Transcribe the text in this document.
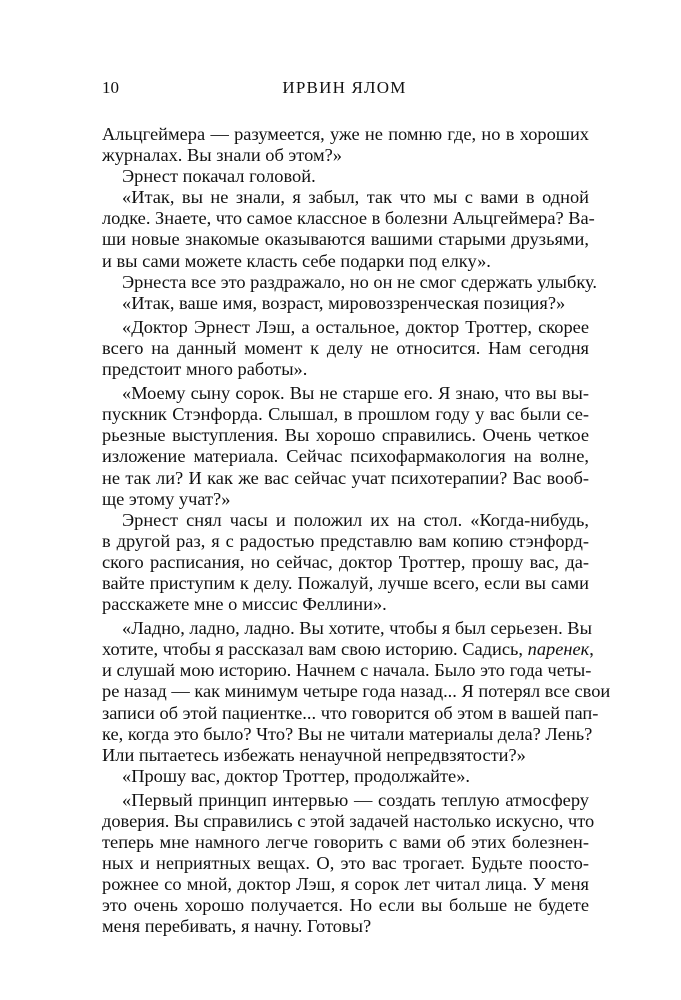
10	ИРВИН ЯЛОМ
Альцгеймера — разумеется, уже не помню где, но в хороших
журналах. Вы знали об этом?»
Эрнест покачал головой.
«Итак, вы не знали, я забыл, так что мы с вами в одной
лодке. Знаете, что самое классное в болезни Альцгеймера? Ва-
ши новые знакомые оказываются вашими старыми друзьями,
и вы сами можете класть себе подарки под елку».
Эрнеста все это раздражало, но он не смог сдержать улыбку.
«Итак, ваше имя, возраст, мировоззренческая позиция?»
«Доктор Эрнест Лэш, а остальное, доктор Троттер, скорее
всего на данный момент к делу не относится. Нам сегодня
предстоит много работы».
«Моему сыну сорок. Вы не старше его. Я знаю, что вы вы-
пускник Стэнфорда. Слышал, в прошлом году у вас были се-
рьезные выступления. Вы хорошо справились. Очень четкое
изложение материала. Сейчас психофармакология на волне,
не так ли? И как же вас сейчас учат психотерапии? Вас вооб-
ще этому учат?»
Эрнест снял часы и положил их на стол. «Когда-нибудь,
в другой раз, я с радостью представлю вам копию стэнфорд-
ского расписания, но сейчас, доктор Троттер, прошу вас, да-
вайте приступим к делу. Пожалуй, лучше всего, если вы сами
расскажете мне о миссис Феллини».
«Ладно, ладно, ладно. Вы хотите, чтобы я был серьезен. Вы
хотите, чтобы я рассказал вам свою историю. Садись, паренек,
и слушай мою историю. Начнем с начала. Было это года четы-
ре назад — как минимум четыре года назад... Я потерял все свои
записи об этой пациентке... что говорится об этом в вашей пап-
ке, когда это было? Что? Вы не читали материалы дела? Лень?
Или пытаетесь избежать ненаучной непредвзятости?»
«Прошу вас, доктор Троттер, продолжайте».
«Первый принцип интервью — создать теплую атмосферу
доверия. Вы справились с этой задачей настолько искусно, что
теперь мне намного легче говорить с вами об этих болезнен-
ных и неприятных вещах. О, это вас трогает. Будьте поосто-
рожнее со мной, доктор Лэш, я сорок лет читал лица. У меня
это очень хорошо получается. Но если вы больше не будете
меня перебивать, я начну. Готовы?
